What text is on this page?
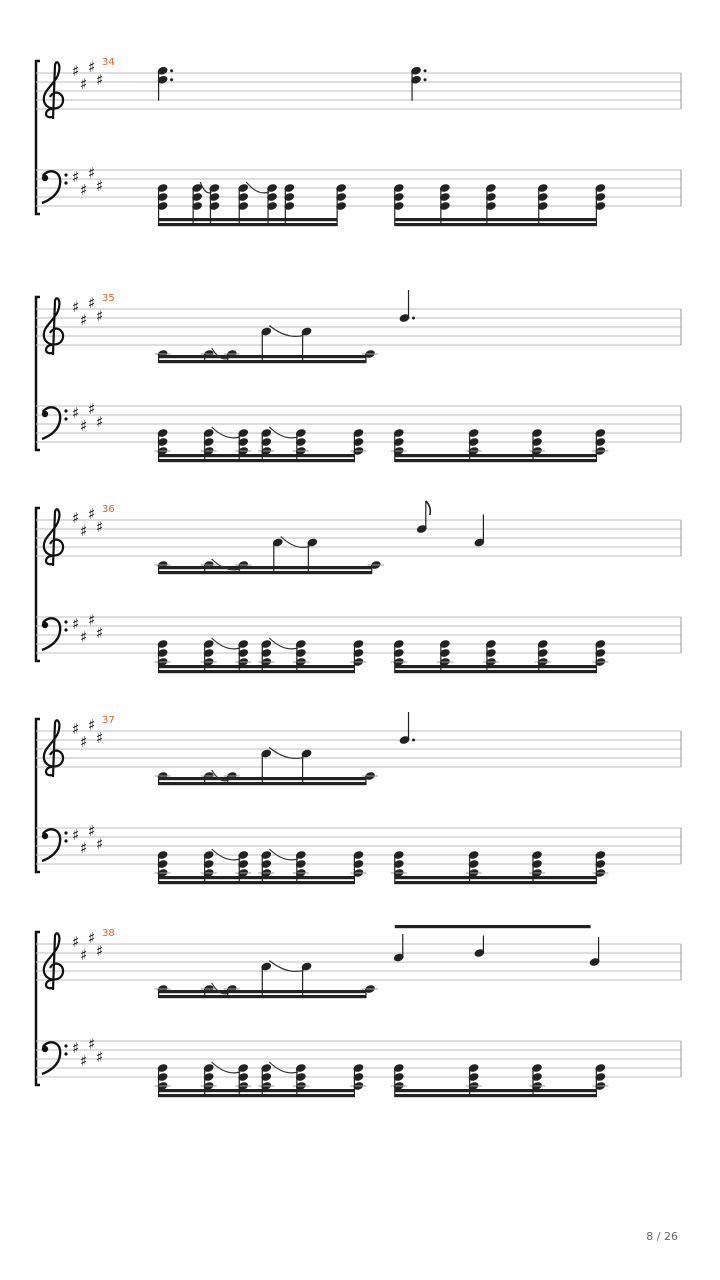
♯
♯
♯
♯
♯
♯
♯
♯
34
♯
♯
♯
♯
♯
♯
♯
♯
35
♯
♯
♯
♯
♯
♯
♯
♯
36
♯
♯
♯
♯
♯
♯
♯
♯
37
♯
♯
♯
♯
♯
♯
♯
♯
38
8 / 26
